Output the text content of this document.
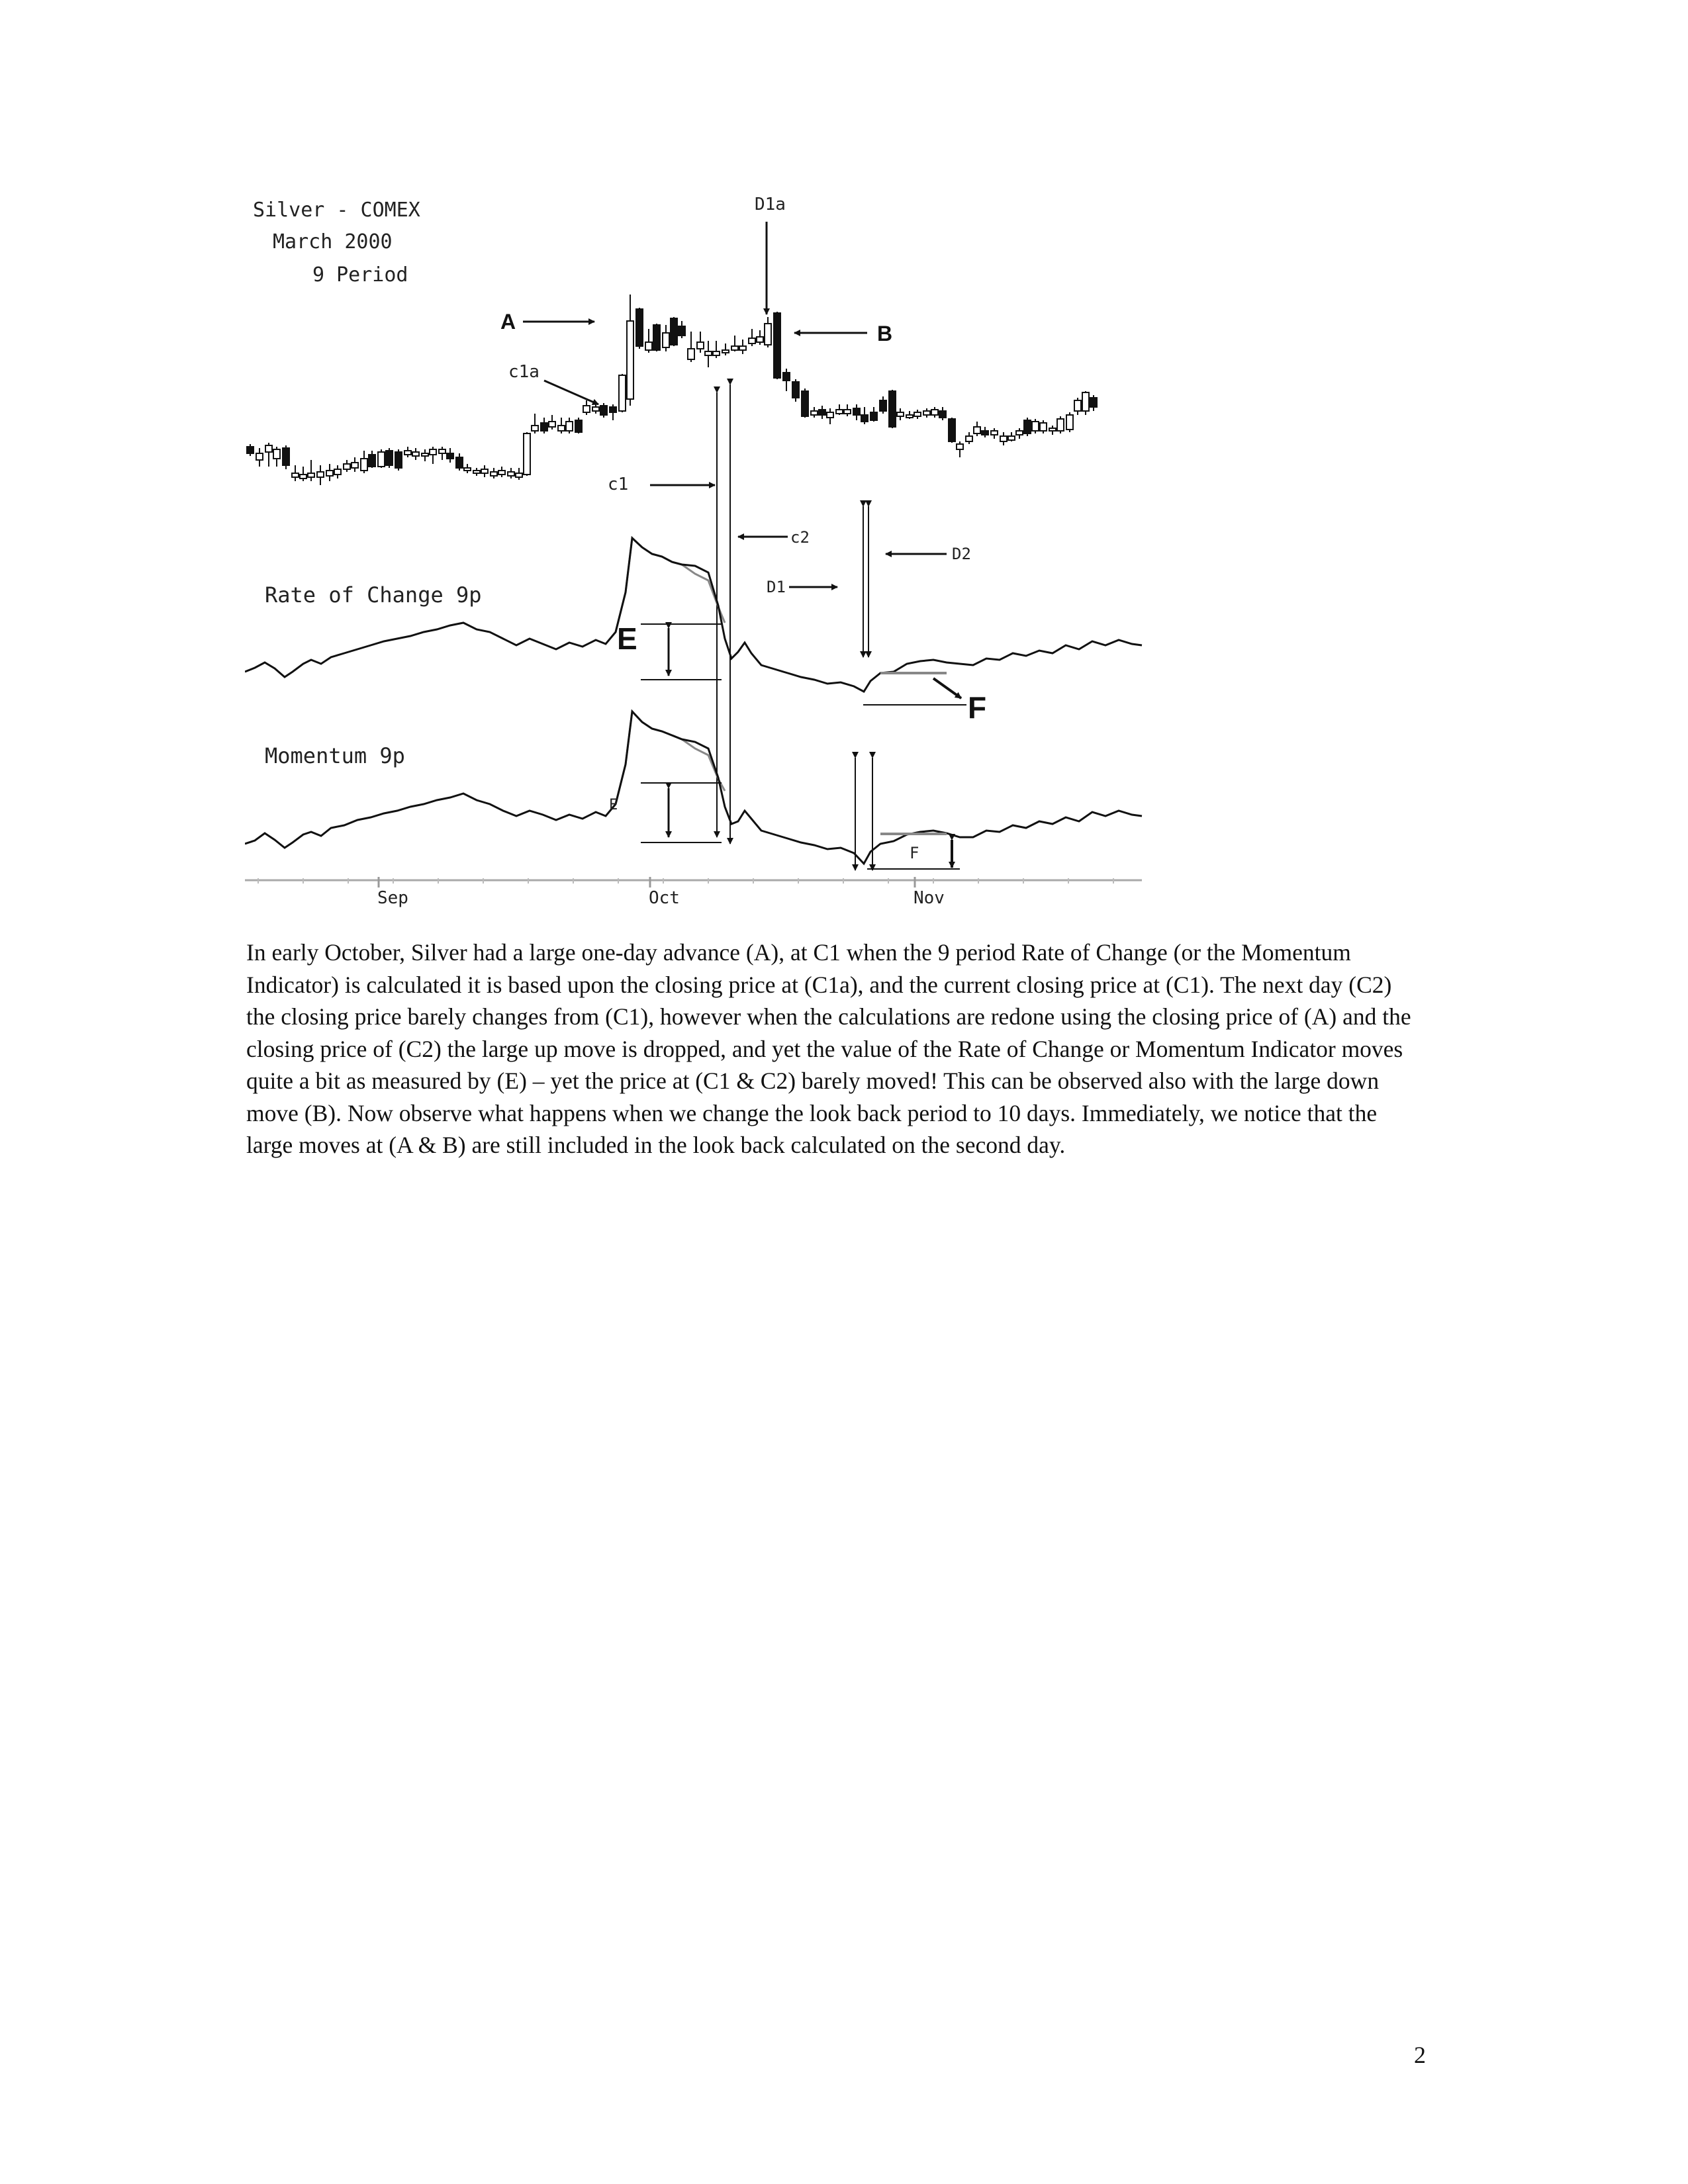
Silver - COMEX
March 2000
9 Period
A	B
D1a
c1a
c1
c2
D1
D2
Rate of Change 9p
E
F
Momentum 9p
E
F
Sep	Oct	Nov
In early October, Silver had a large one-day advance (A), at C1 when the 9 period Rate of Change (or the Momentum Indicator) is calculated it is based upon the closing price at (C1a), and the current closing price at (C1). The next day (C2) the closing price barely changes from (C1), however when the calculations are redone using the closing price of (A) and the closing price of (C2) the large up move is dropped, and yet the value of the Rate of Change or Momentum Indicator moves quite a bit as measured by (E) – yet the price at (C1 & C2) barely moved! This can be observed also with the large down move (B). Now observe what happens when we change the look back period to 10 days. Immediately, we notice that the large moves at (A & B) are still included in the look back calculated on the second day.
2
